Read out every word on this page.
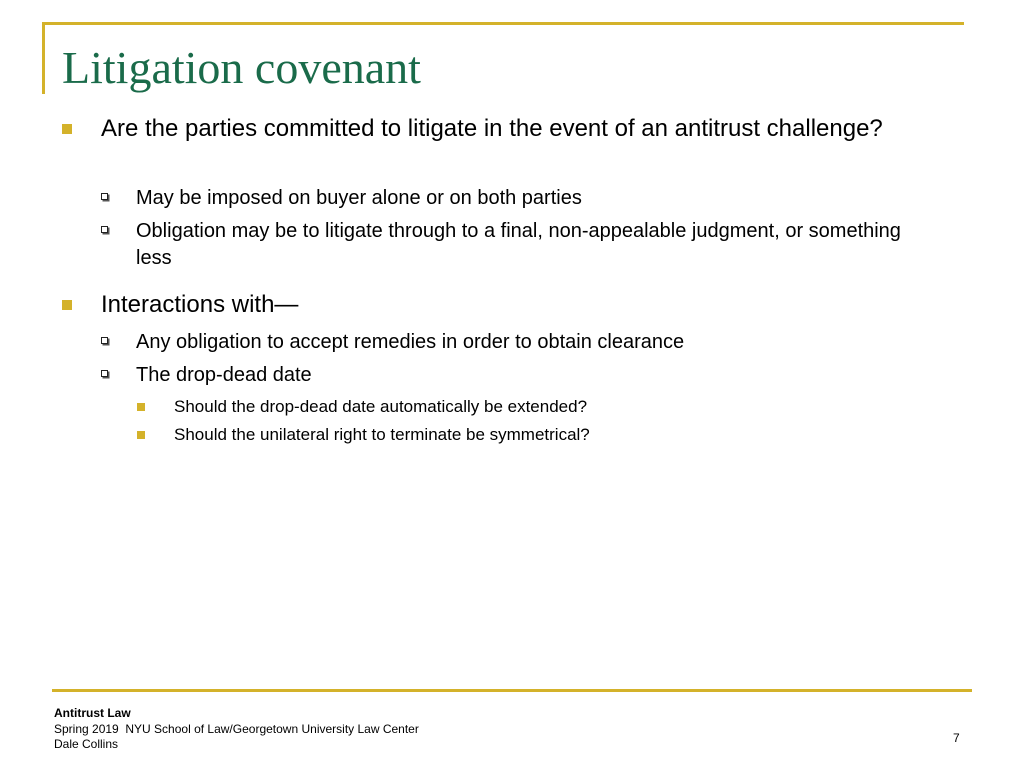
Litigation covenant
Are the parties committed to litigate in the event of an antitrust challenge?
May be imposed on buyer alone or on both parties
Obligation may be to litigate through to a final, non-appealable judgment, or something less
Interactions with—
Any obligation to accept remedies in order to obtain clearance
The drop-dead date
Should the drop-dead date automatically be extended?
Should the unilateral right to terminate be symmetrical?
Antitrust Law
Spring 2019  NYU School of Law/Georgetown University Law Center
Dale Collins	7
